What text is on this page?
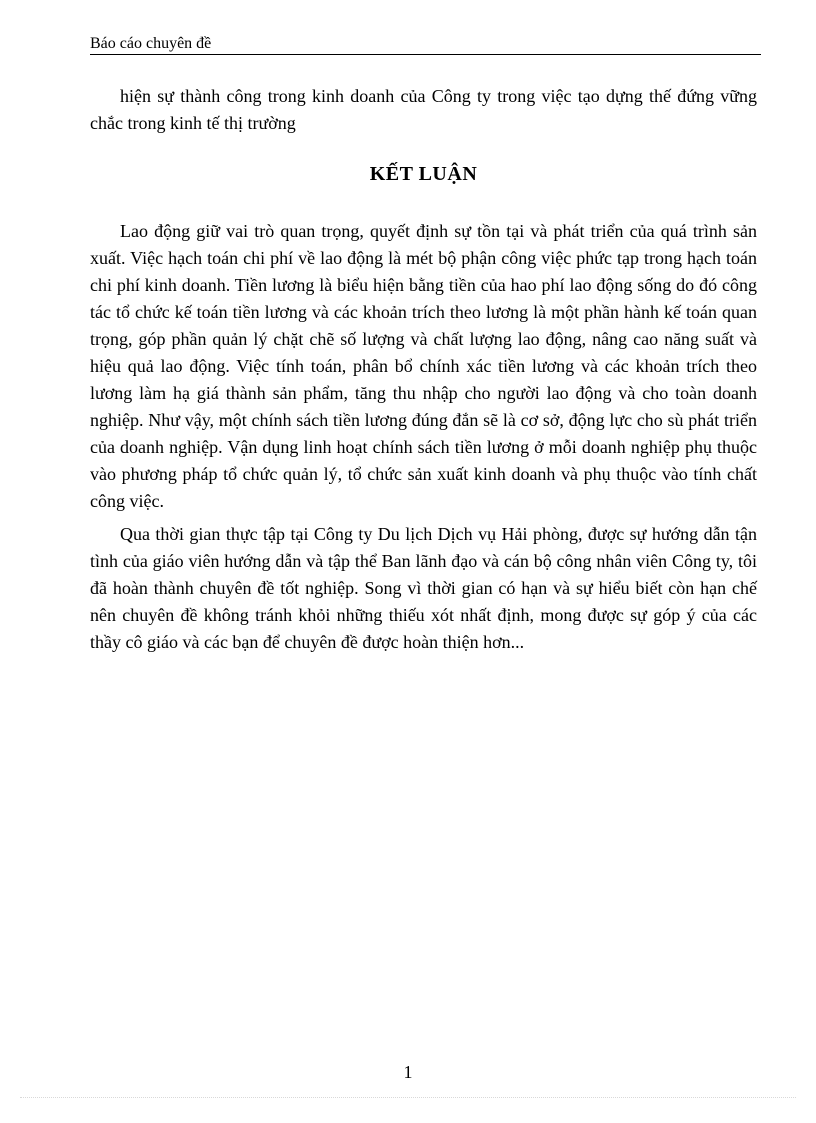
Báo cáo chuyên đề

hiện sự thành công trong kinh doanh của Công ty trong việc tạo dựng thế đứng vững chắc trong kinh tế thị trường

KẾT LUẬN

Lao động giữ vai trò quan trọng, quyết định sự tồn tại và phát triển của quá trình sản xuất. Việc hạch toán chi phí về lao động là mét bộ phận công việc phức tạp trong hạch toán chi phí kinh doanh. Tiền lương là biểu hiện bằng tiền của hao phí lao động sống do đó công tác tổ chức kế toán tiền lương và các khoản trích theo lương là một phần hành kế toán quan trọng, góp phần quản lý chặt chẽ số lượng và chất lượng lao động, nâng cao năng suất và hiệu quả lao động. Việc tính toán, phân bổ chính xác tiền lương và các khoản trích theo lương làm hạ giá thành sản phẩm, tăng thu nhập cho người lao động và cho toàn doanh nghiệp. Như vậy, một chính sách tiền lương đúng đắn sẽ là cơ sở, động lực cho sù phát triển của doanh nghiệp. Vận dụng linh hoạt chính sách tiền lương ở mỗi doanh nghiệp phụ thuộc vào phương pháp tổ chức quản lý, tổ chức sản xuất kinh doanh và phụ thuộc vào tính chất công việc.

Qua thời gian thực tập tại Công ty Du lịch Dịch vụ Hải phòng, được sự hướng dẫn tận tình của giáo viên hướng dẫn và tập thể Ban lãnh đạo và cán bộ công nhân viên Công ty, tôi đã hoàn thành chuyên đề tốt nghiệp. Song vì thời gian có hạn và sự hiểu biết còn hạn chế nên chuyên đề không tránh khỏi những thiếu xót nhất định, mong được sự góp ý của các thầy cô giáo và các bạn để chuyên đề được hoàn thiện hơn...

1
